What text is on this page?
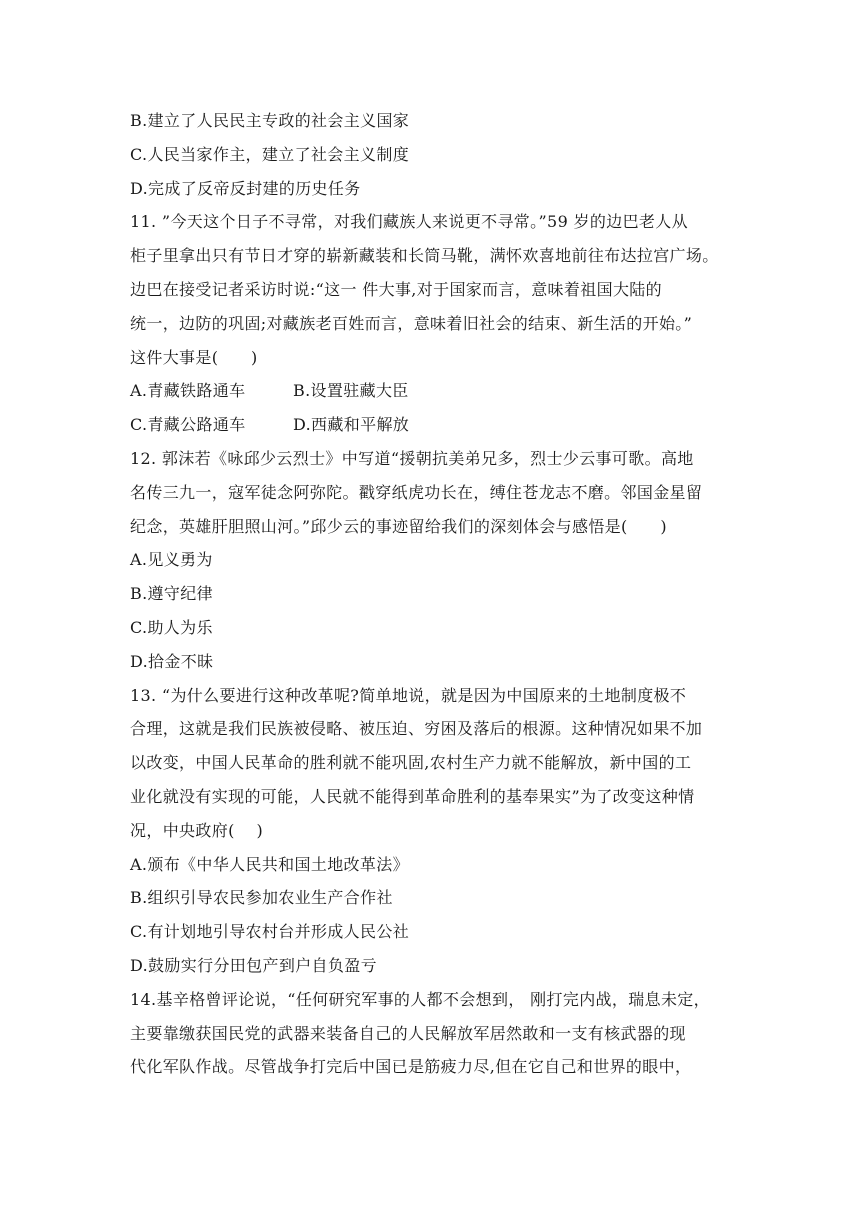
B.建立了人民民主专政的社会主义国家
C.人民当家作主，建立了社会主义制度
D.完成了反帝反封建的历史任务
11. ”今天这个日子不寻常，对我们藏族人来说更不寻常。”59 岁的边巴老人从
柜子里拿出只有节日才穿的崭新藏装和长筒马靴，满怀欢喜地前往布达拉宫广场。
边巴在接受记者采访时说:“这一 件大事,对于国家而言，意味着祖国大陆的
统一，边防的巩固;对藏族老百姓而言，意味着旧社会的结束、新生活的开始。”
这件大事是(　　)
A.青藏铁路通车	B.设置驻藏大臣
C.青藏公路通车	D.西藏和平解放
12. 郭沫若《咏邱少云烈士》中写道“援朝抗美弟兄多，烈士少云事可歌。高地
名传三九一，寇军徒念阿弥陀。戳穿纸虎功长在，缚住苍龙志不磨。邻国金星留
纪念，英雄肝胆照山河。”邱少云的事迹留给我们的深刻体会与感悟是(　　)
A.见义勇为
B.遵守纪律
C.助人为乐
D.拾金不昧
13. “为什么要进行这种改革呢?简单地说，就是因为中国原来的土地制度极不
合理，这就是我们民族被侵略、被压迫、穷困及落后的根源。这种情况如果不加
以改变，中国人民革命的胜利就不能巩固,农村生产力就不能解放，新中国的工
业化就没有实现的可能，人民就不能得到革命胜利的基奉果实”为了改变这种情
况，中央政府(　 )
A.颁布《中华人民共和国土地改革法》
B.组织引导农民参加农业生产合作社
C.有计划地引导农村台并形成人民公社
D.鼓励实行分田包产到户自负盈亏
14.基辛格曾评论说，“任何研究军事的人都不会想到， 刚打完内战，瑞息未定，
主要靠缴获国民党的武器来装备自己的人民解放军居然敢和一支有核武器的现
代化军队作战。尽管战争打完后中国已是筋疲力尽,但在它自己和世界的眼中，
